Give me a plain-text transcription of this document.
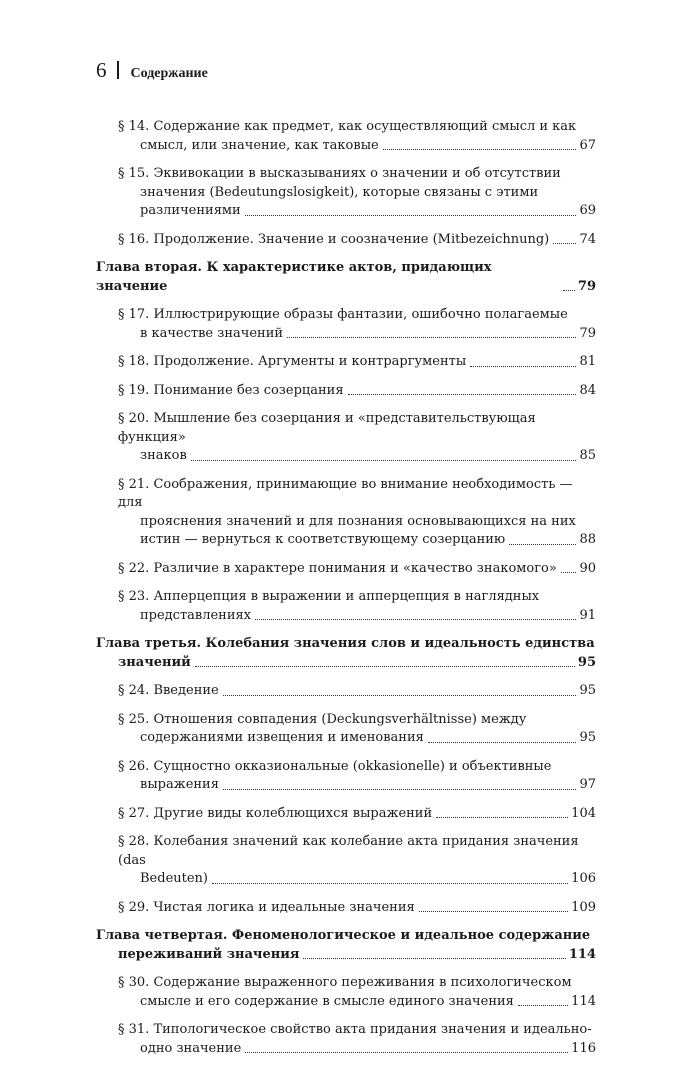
6 Содержание
§ 14. Содержание как предмет, как осуществляющий смысл и как
смысл, или значение, как таковые	67
§ 15. Эквивокации в высказываниях о значении и об отсутствии
значения (Bedeutungslosigkeit), которые связаны с этими
различениями	69
§ 16. Продолжение. Значение и соозначение (Mitbezeichnung) 74
Глава вторая. К характеристике актов, придающих значение	79
§ 17. Иллюстрирующие образы фантазии, ошибочно полагаемые
в качестве значений	79
§ 18. Продолжение. Аргументы и контраргументы	81
§ 19. Понимание без созерцания	84
§ 20. Мышление без созерцания и «представительствующая функция»
знаков	85
§ 21. Соображения, принимающие во внимание необходимость — для
прояснения значений и для познания основывающихся на них
истин — вернуться к соответствующему созерцанию	88
§ 22. Различие в характере понимания и «качество знакомого» 90
§ 23. Апперцепция в выражении и апперцепция в наглядных
представлениях	91
Глава третья. Колебания значения слов и идеальность единства
значений	95
§ 24. Введение	95
§ 25. Отношения совпадения (Deckungsverhältnisse) между
содержаниями извещения и именования	95
§ 26. Сущностно окказиональные (okkasionelle) и объективные
выражения	97
§ 27. Другие виды колеблющихся выражений	104
§ 28. Колебания значений как колебание акта придания значения (das
Bedeuten)	106
§ 29. Чистая логика и идеальные значения	109
Глава четвертая. Феноменологическое и идеальное содержание
переживаний значения	114
§ 30. Содержание выраженного переживания в психологическом
смысле и его содержание в смысле единого значения	114
§ 31. Типологическое свойство акта придания значения и идеально-
одно значение	116
